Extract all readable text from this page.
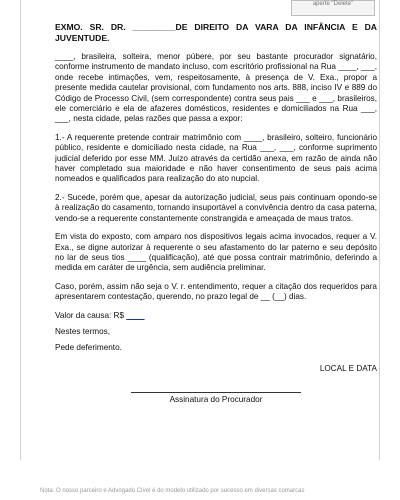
aperte "Delete"
EXMO. SR. DR. _________DE DIREITO DA VARA DA INFÂNCIA E DA JUVENTUDE.

____, brasileira, solteira, menor púbere, por seu bastante procurador signatário, conforme instrumento de mandato incluso, com escritório profissional na Rua ____, ___, onde recebe intimações, vem, respeitosamente, à presença de V. Exa., propor a presente medida cautelar provisional, com fundamento nos arts. 888, inciso IV e 889 do Código de Processo Civil, (sem correspondente) contra seus pais ___ e ___, brasileiros, ele comerciário e ela de afazeres domésticos, residentes e domiciliados na Rua ___, ___, nesta cidade, pelas razões que passa a expor:

1.- A requerente pretende contrair matrimônio com ____, brasileiro, solteiro, funcionário público, residente e domiciliado nesta cidade, na Rua ___, ___, conforme suprimento judicial deferido por esse MM. Juízo através da certidão anexa, em razão de ainda não haver completado sua maioridade e não haver consentimento de seus pais acima nomeados e qualificados para realização do ato nupcial.

2.- Sucede, porém que, apesar da autorização judicial, seus pais continuam opondo-se à realização do casamento, tornando insuportável a convivência dentro da casa paterna, vendo-se a requerente constantemente constrangida e ameaçada de maus tratos.

Em vista do exposto, com amparo nos dispositivos legais acima invocados, requer a V. Exa., se digne autorizar à requerente o seu afastamento do lar paterno e seu depósito no lar de seus tios ____ (qualificação), até que possa contrair matrimônio, deferindo a medida em caráter de urgência, sem audiência preliminar.

Caso, porém, assim não seja o V. r. entendimento, requer a citação dos requeridos para apresentarem contestação, querendo, no prazo legal de __ (__) dias.

Valor da causa: R$ ____

Nestes termos,

Pede deferimento.

LOCAL E DATA
Assinatura do Procurador
Nota: O nosso parceiro e Advogado Cível é do modelo utilizado por sucesso em diversas comarcas
